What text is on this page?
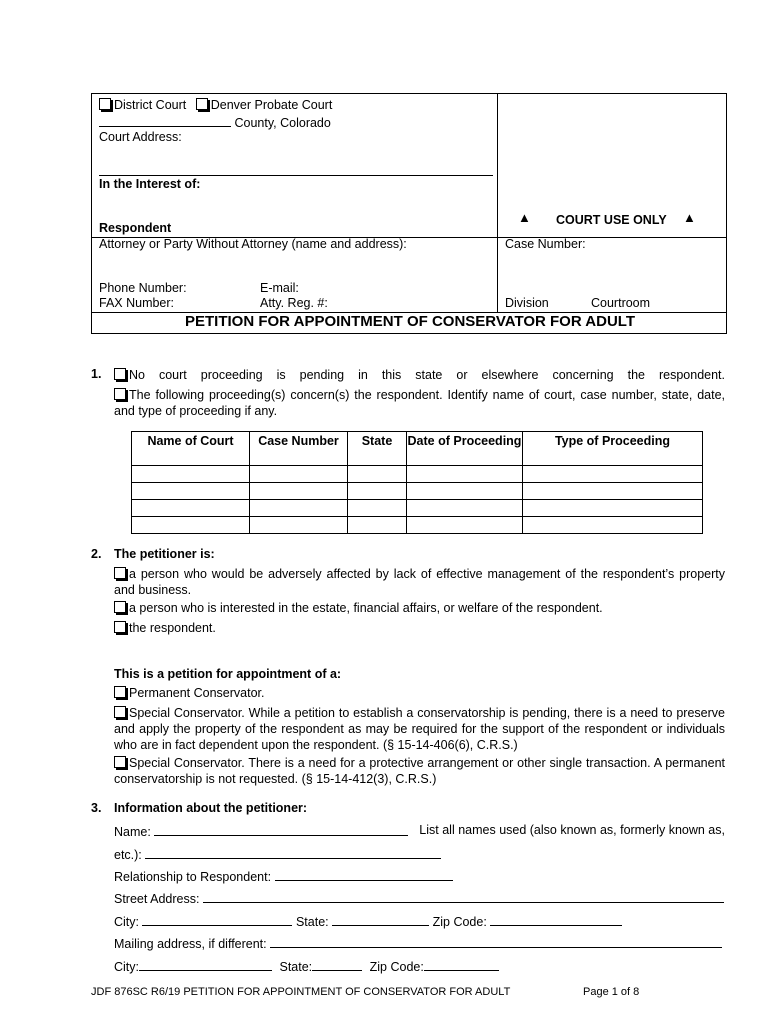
District Court Denver Probate Court
County, Colorado
Court Address:
In the Interest of:
Respondent
Attorney or Party Without Attorney (name and address):
Phone Number:	E-mail:
FAX Number:	Atty. Reg. #:
▲ COURT USE ONLY ▲
Case Number:
Division	Courtroom
PETITION FOR APPOINTMENT OF CONSERVATOR FOR ADULT
1.	No court proceeding is pending in this state or elsewhere concerning the respondent.
The following proceeding(s) concern(s) the respondent. Identify name of court, case number, state, date, and type of proceeding if any.
Name of Court	Case Number	State	Date of Proceeding	Type of Proceeding

2. The petitioner is:
a person who would be adversely affected by lack of effective management of the respondent’s property and business.
a person who is interested in the estate, financial affairs, or welfare of the respondent.
the respondent.
This is a petition for appointment of a:
Permanent Conservator.
Special Conservator. While a petition to establish a conservatorship is pending, there is a need to preserve and apply the property of the respondent as may be required for the support of the respondent or individuals who are in fact dependent upon the respondent. (§ 15-14-406(6), C.R.S.)
Special Conservator. There is a need for a protective arrangement or other single transaction. A permanent conservatorship is not requested. (§ 15-14-412(3), C.R.S.)
3. Information about the petitioner:
Name:	List all names used (also known as, formerly known as,
etc.):
Relationship to Respondent:
Street Address:
City:	State:	Zip Code:
Mailing address, if different:
City:	State:	Zip Code:
JDF 876SC R6/19 PETITION FOR APPOINTMENT OF CONSERVATOR FOR ADULT	Page 1 of 8
